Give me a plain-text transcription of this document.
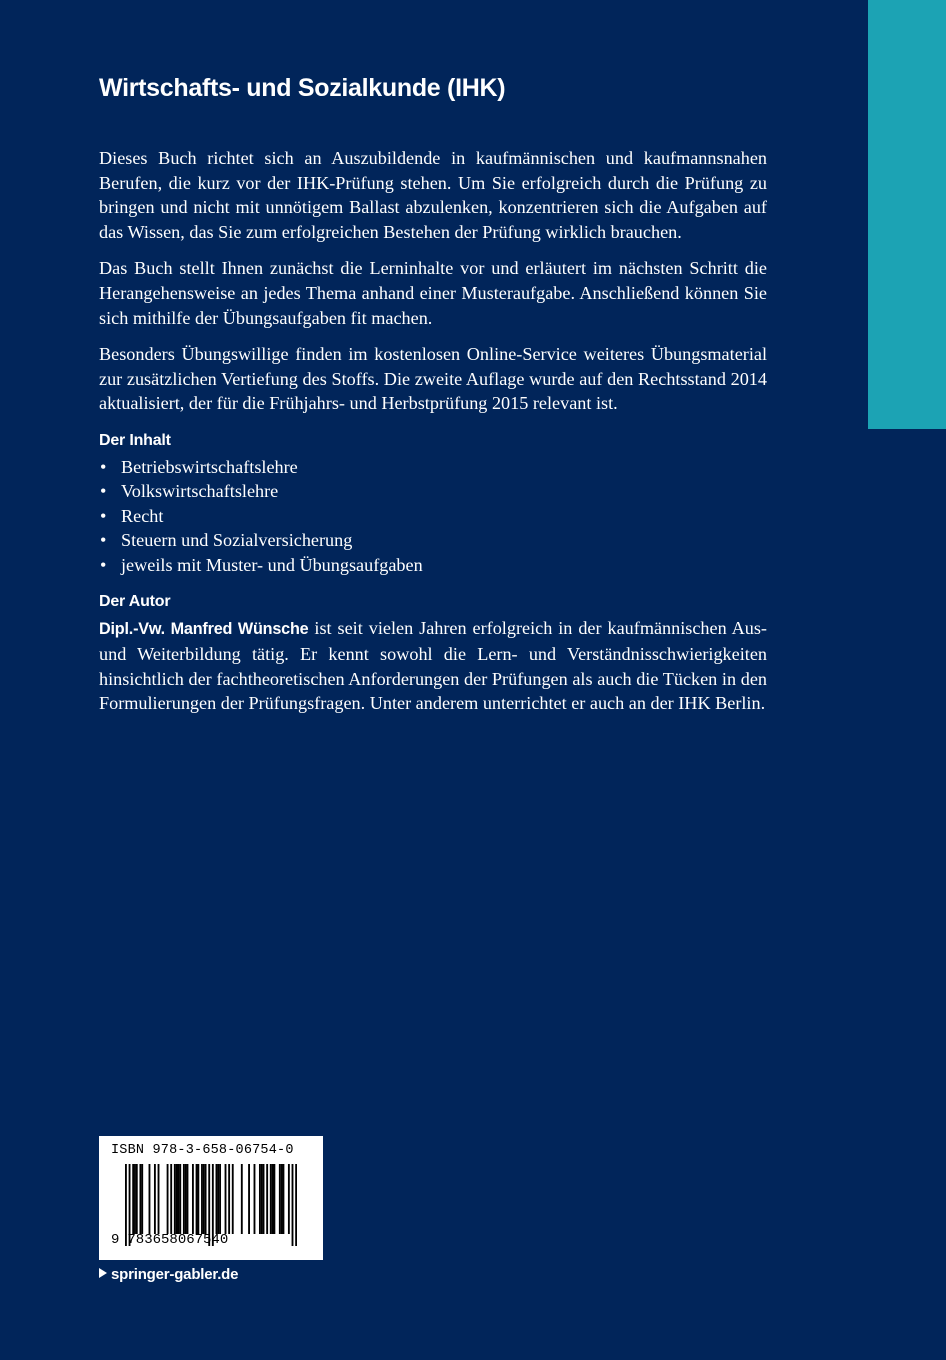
Wirtschafts- und Sozialkunde (IHK)

Dieses Buch richtet sich an Auszubildende in kaufmännischen und kaufmannsnahen Berufen, die kurz vor der IHK-Prüfung stehen. Um Sie erfolgreich durch die Prüfung zu bringen und nicht mit unnötigem Ballast abzulenken, konzentrieren sich die Aufgaben auf das Wissen, das Sie zum erfolgreichen Bestehen der Prüfung wirklich brauchen.

Das Buch stellt Ihnen zunächst die Lerninhalte vor und erläutert im nächsten Schritt die Herangehensweise an jedes Thema anhand einer Musteraufgabe. Anschließend können Sie sich mithilfe der Übungsaufgaben fit machen.

Besonders Übungswillige finden im kostenlosen Online-Service weiteres Übungsmaterial zur zusätzlichen Vertiefung des Stoffs. Die zweite Auflage wurde auf den Rechtsstand 2014 aktualisiert, der für die Frühjahrs- und Herbstprüfung 2015 relevant ist.

Der Inhalt
• Betriebswirtschaftslehre
• Volkswirtschaftslehre
• Recht
• Steuern und Sozialversicherung
• jeweils mit Muster- und Übungsaufgaben
Der Autor

Dipl.-Vw. Manfred Wünsche ist seit vielen Jahren erfolgreich in der kaufmännischen Aus- und Weiterbildung tätig. Er kennt sowohl die Lern- und Verständnisschwierigkeiten hinsichtlich der fachtheoretischen Anforderungen der Prüfungen als auch die Tücken in den Formulierungen der Prüfungsfragen. Unter anderem unterrichtet er auch an der IHK Berlin.

ISBN 978-3-658-06754-0
9 783658067540
springer-gabler.de
